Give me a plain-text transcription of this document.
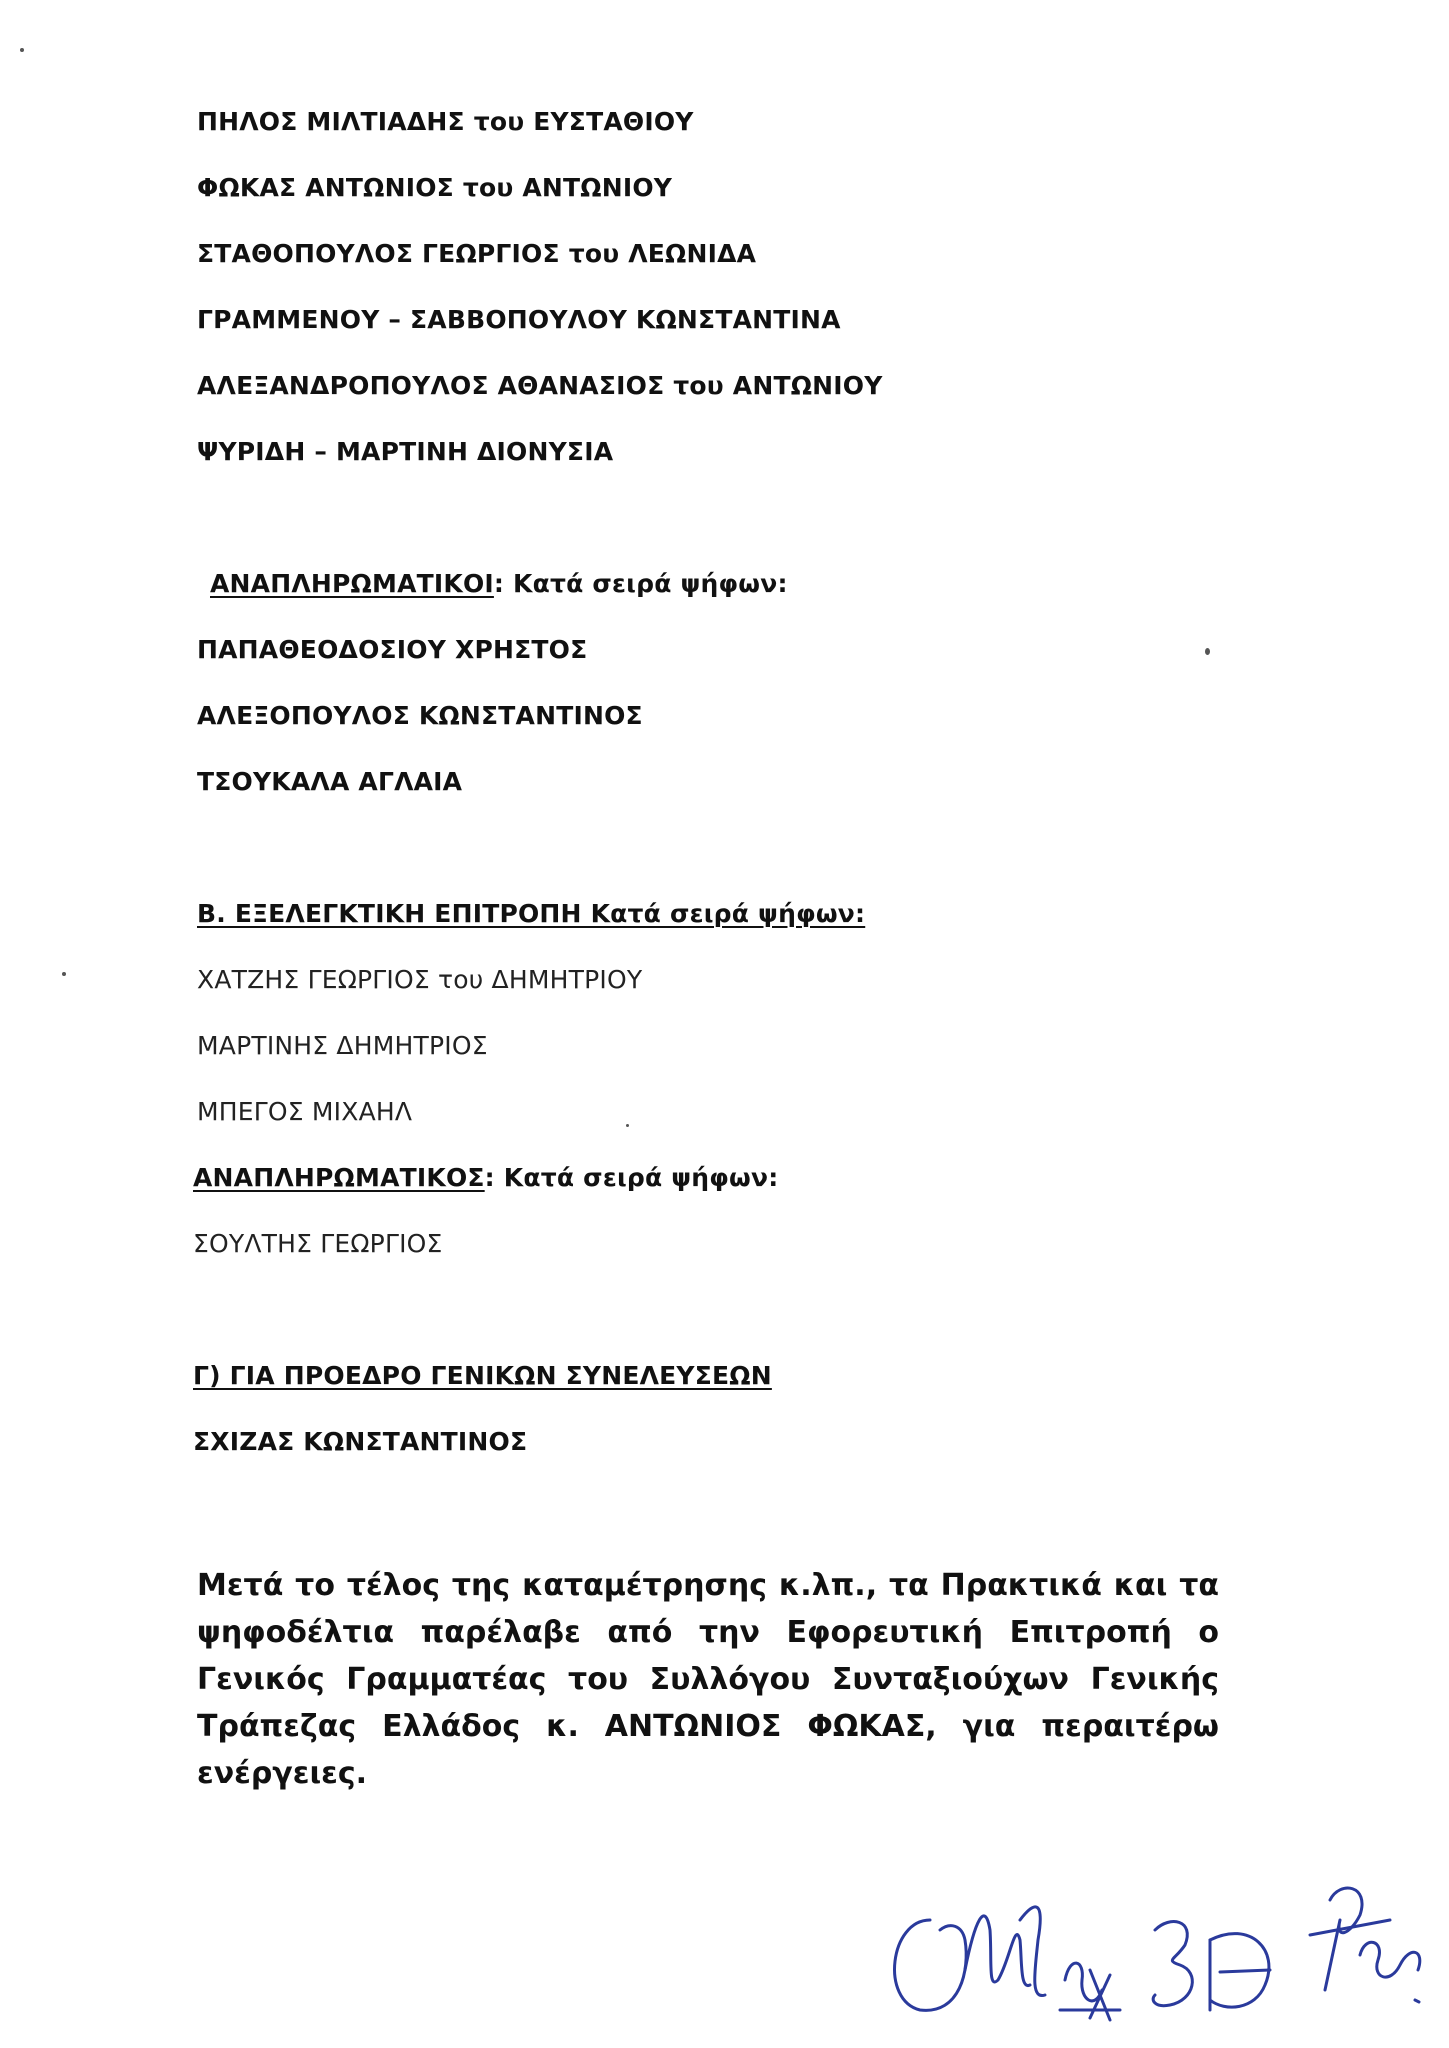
ΠΗΛΟΣ ΜΙΛΤΙΑΔΗΣ του ΕΥΣΤΑΘΙΟΥ
ΦΩΚΑΣ ΑΝΤΩΝΙΟΣ του ΑΝΤΩΝΙΟΥ
ΣΤΑΘΟΠΟΥΛΟΣ ΓΕΩΡΓΙΟΣ του ΛΕΩΝΙΔΑ
ΓΡΑΜΜΕΝΟΥ – ΣΑΒΒΟΠΟΥΛΟΥ ΚΩΝΣΤΑΝΤΙΝΑ
ΑΛΕΞΑΝΔΡΟΠΟΥΛΟΣ ΑΘΑΝΑΣΙΟΣ του ΑΝΤΩΝΙΟΥ
ΨΥΡΙΔΗ – ΜΑΡΤΙΝΗ ΔΙΟΝΥΣΙΑ
ΑΝΑΠΛΗΡΩΜΑΤΙΚΟΙ: Κατά σειρά ψήφων:
ΠΑΠΑΘΕΟΔΟΣΙΟΥ ΧΡΗΣΤΟΣ
ΑΛΕΞΟΠΟΥΛΟΣ ΚΩΝΣΤΑΝΤΙΝΟΣ
ΤΣΟΥΚΑΛΑ ΑΓΛΑΙΑ
Β. ΕΞΕΛΕΓΚΤΙΚΗ ΕΠΙΤΡΟΠΗ Κατά σειρά ψήφων:
ΧΑΤΖΗΣ ΓΕΩΡΓΙΟΣ του ΔΗΜΗΤΡΙΟΥ
ΜΑΡΤΙΝΗΣ ΔΗΜΗΤΡΙΟΣ
ΜΠΕΓΟΣ ΜΙΧΑΗΛ
ΑΝΑΠΛΗΡΩΜΑΤΙΚΟΣ: Κατά σειρά ψήφων:
ΣΟΥΛΤΗΣ ΓΕΩΡΓΙΟΣ
Γ) ΓΙΑ ΠΡΟΕΔΡΟ ΓΕΝΙΚΩΝ ΣΥΝΕΛΕΥΣΕΩΝ
ΣΧΙΖΑΣ ΚΩΝΣΤΑΝΤΙΝΟΣ
Μετά το τέλος της καταμέτρησης κ.λπ., τα Πρακτικά και τα ψηφοδέλτια παρέλαβε από την Εφορευτική Επιτροπή ο Γενικός Γραμματέας του Συλλόγου Συνταξιούχων Γενικής Τράπεζας Ελλάδος κ. ΑΝΤΩΝΙΟΣ ΦΩΚΑΣ, για περαιτέρω ενέργειες.
